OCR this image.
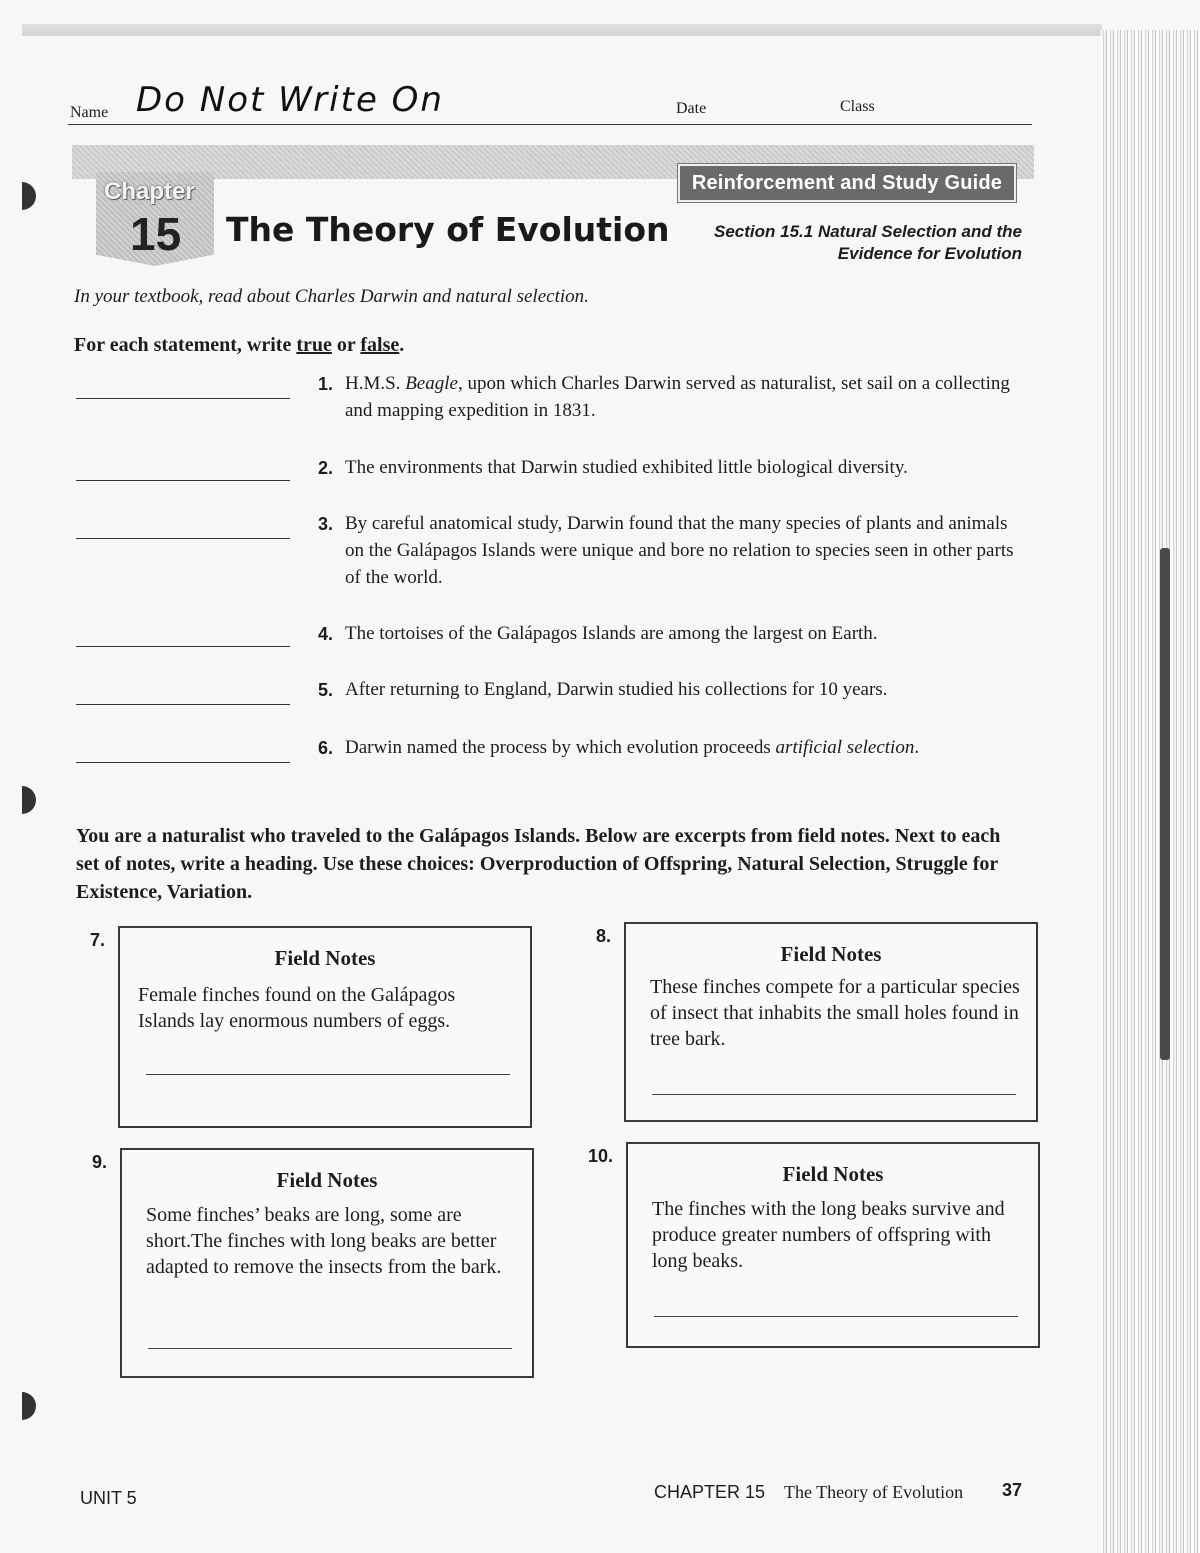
Name Do Not Write On	Date	Class
Chapter
15 The Theory of Evolution
Reinforcement and Study Guide
Section 15.1 Natural Selection and the
Evidence for Evolution
In your textbook, read about Charles Darwin and natural selection.
For each statement, write true or false.
1. H.M.S. Beagle, upon which Charles Darwin served as naturalist, set sail on a collecting and mapping expedition in 1831.
2. The environments that Darwin studied exhibited little biological diversity.
3. By careful anatomical study, Darwin found that the many species of plants and animals on the Galápagos Islands were unique and bore no relation to species seen in other parts of the world.
4. The tortoises of the Galápagos Islands are among the largest on Earth.
5. After returning to England, Darwin studied his collections for 10 years.
6. Darwin named the process by which evolution proceeds artificial selection.
You are a naturalist who traveled to the Galápagos Islands. Below are excerpts from field notes. Next to each set of notes, write a heading. Use these choices: Overproduction of Offspring, Natural Selection, Struggle for Existence, Variation.
7.
Field Notes
Female finches found on the Galápagos Islands lay enormous numbers of eggs.
8.
Field Notes
These finches compete for a particular species of insect that inhabits the small holes found in tree bark.
9.
Field Notes
Some finches’ beaks are long, some are short.The finches with long beaks are better adapted to remove the insects from the bark.
10.
Field Notes
The finches with the long beaks survive and produce greater numbers of offspring with long beaks.
UNIT 5	CHAPTER 15 The Theory of Evolution 37
